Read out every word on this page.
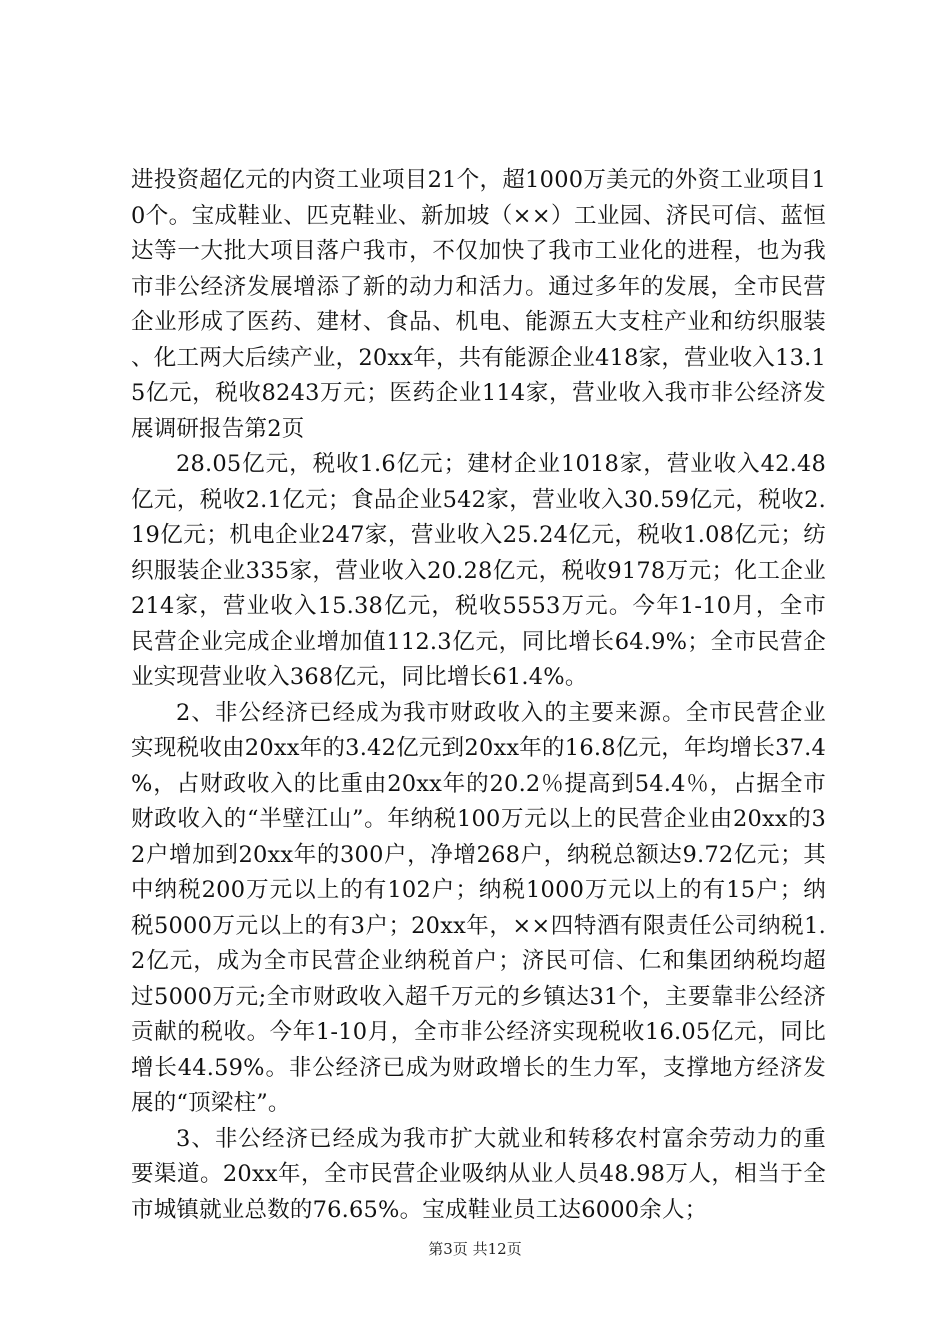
进投资超亿元的内资工业项目21个，超1000万美元的外资工业项目10个。宝成鞋业、匹克鞋业、新加坡（××）工业园、济民可信、蓝恒达等一大批大项目落户我市，不仅加快了我市工业化的进程，也为我市非公经济发展增添了新的动力和活力。通过多年的发展，全市民营企业形成了医药、建材、食品、机电、能源五大支柱产业和纺织服装、化工两大后续产业，20xx年，共有能源企业418家，营业收入13.15亿元，税收8243万元；医药企业114家，营业收入我市非公经济发展调研报告第2页

28.05亿元，税收1.6亿元；建材企业1018家，营业收入42.48亿元，税收2.1亿元；食品企业542家，营业收入30.59亿元，税收2.19亿元；机电企业247家，营业收入25.24亿元，税收1.08亿元；纺织服装企业335家，营业收入20.28亿元，税收9178万元；化工企业214家，营业收入15.38亿元，税收5553万元。今年1-10月，全市民营企业完成企业增加值112.3亿元，同比增长64.9%；全市民营企业实现营业收入368亿元，同比增长61.4%。

2、非公经济已经成为我市财政收入的主要来源。全市民营企业实现税收由20xx年的3.42亿元到20xx年的16.8亿元，年均增长37.4%，占财政收入的比重由20xx年的20.2％提高到54.4％，占据全市财政收入的“半壁江山”。年纳税100万元以上的民营企业由20xx的32户增加到20xx年的300户，净增268户，纳税总额达9.72亿元；其中纳税200万元以上的有102户；纳税1000万元以上的有15户；纳税5000万元以上的有3户；20xx年，××四特酒有限责任公司纳税1.2亿元，成为全市民营企业纳税首户；济民可信、仁和集团纳税均超过5000万元;全市财政收入超千万元的乡镇达31个，主要靠非公经济贡献的税收。今年1-10月，全市非公经济实现税收16.05亿元，同比增长44.59%。非公经济已成为财政增长的生力军，支撑地方经济发展的“顶梁柱”。

3、非公经济已经成为我市扩大就业和转移农村富余劳动力的重要渠道。20xx年，全市民营企业吸纳从业人员48.98万人，相当于全市城镇就业总数的76.65%。宝成鞋业员工达6000余人；

第3页 共12页
